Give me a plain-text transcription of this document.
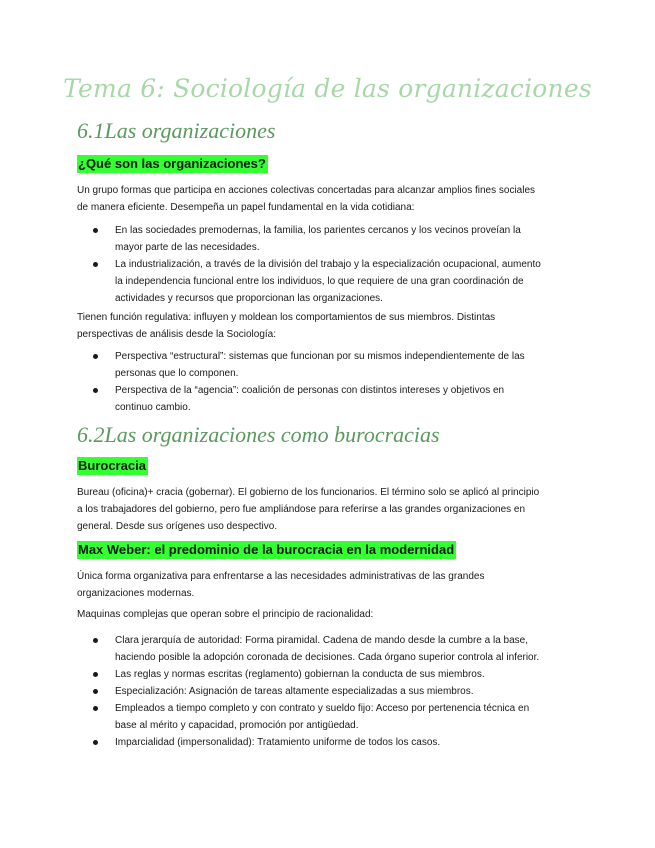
Tema 6: Sociología de las organizaciones
6.1Las organizaciones
¿Qué son las organizaciones?
Un grupo formas que participa en acciones colectivas concertadas para alcanzar amplios fines sociales
de manera eficiente. Desempeña un papel fundamental en la vida cotidiana:
En las sociedades premodernas, la familia, los parientes cercanos y los vecinos proveían la
mayor parte de las necesidades.
La industrialización, a través de la división del trabajo y la especialización ocupacional, aumento
la independencia funcional entre los individuos, lo que requiere de una gran coordinación de
actividades y recursos que proporcionan las organizaciones.
Tienen función regulativa: influyen y moldean los comportamientos de sus miembros. Distintas
perspectivas de análisis desde la Sociología:
Perspectiva “estructural”: sistemas que funcionan por su mismos independientemente de las
personas que lo componen.
Perspectiva de la “agencia”: coalición de personas con distintos intereses y objetivos en
continuo cambio.
6.2Las organizaciones como burocracias
Burocracia
Bureau (oficina)+ cracia (gobernar). El gobierno de los funcionarios. El término solo se aplicó al principio
a los trabajadores del gobierno, pero fue ampliándose para referirse a las grandes organizaciones en
general. Desde sus orígenes uso despectivo.
Max Weber: el predominio de la burocracia en la modernidad
Única forma organizativa para enfrentarse a las necesidades administrativas de las grandes
organizaciones modernas.
Maquinas complejas que operan sobre el principio de racionalidad:
Clara jerarquía de autoridad: Forma piramidal. Cadena de mando desde la cumbre a la base,
haciendo posible la adopción coronada de decisiones. Cada órgano superior controla al inferior.
Las reglas y normas escritas (reglamento) gobiernan la conducta de sus miembros.
Especialización: Asignación de tareas altamente especializadas a sus miembros.
Empleados a tiempo completo y con contrato y sueldo fijo: Acceso por pertenencia técnica en
base al mérito y capacidad, promoción por antigüedad.
Imparcialidad (impersonalidad): Tratamiento uniforme de todos los casos.
